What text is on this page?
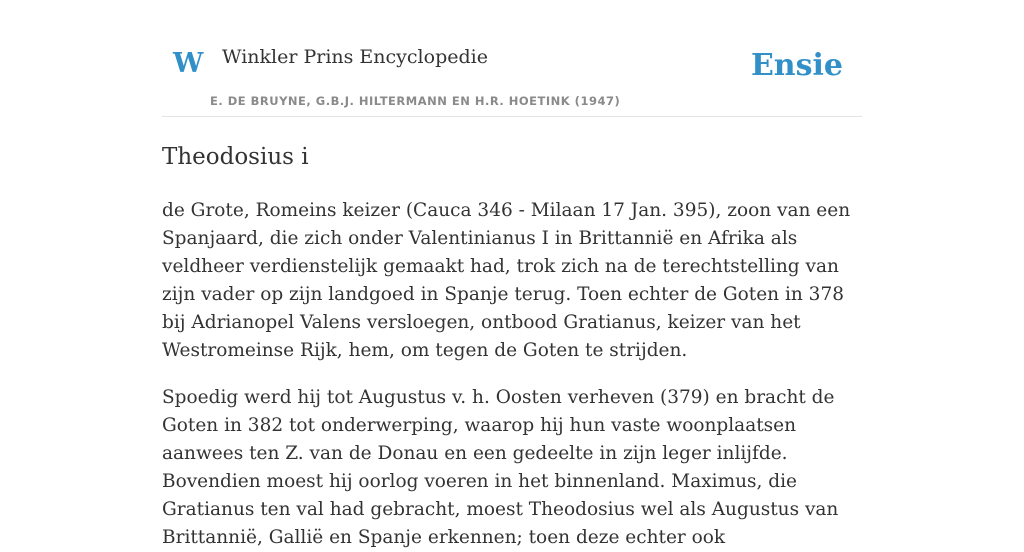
W Winkler Prins Encyclopedie
E. DE BRUYNE, G.B.J. HILTERMANN EN H.R. HOETINK (1947)
Ensie
Theodosius i

de Grote, Romeins keizer (Cauca 346 - Milaan 17 Jan. 395), zoon van een Spanjaard, die zich onder Valentinianus I in Brittannië en Afrika als veldheer verdienstelijk gemaakt had, trok zich na de terechtstelling van zijn vader op zijn landgoed in Spanje terug. Toen echter de Goten in 378 bij Adrianopel Valens versloegen, ontbood Gratianus, keizer van het Westromeinse Rijk, hem, om tegen de Goten te strijden.

Spoedig werd hij tot Augustus v. h. Oosten verheven (379) en bracht de Goten in 382 tot onderwerping, waarop hij hun vaste woonplaatsen aanwees ten Z. van de Donau en een gedeelte in zijn leger inlijfde. Bovendien moest hij oorlog voeren in het binnenland. Maximus, die Gratianus ten val had gebracht, moest Theodosius wel als Augustus van Brittannië, Gallië en Spanje erkennen; toen deze echter ook
